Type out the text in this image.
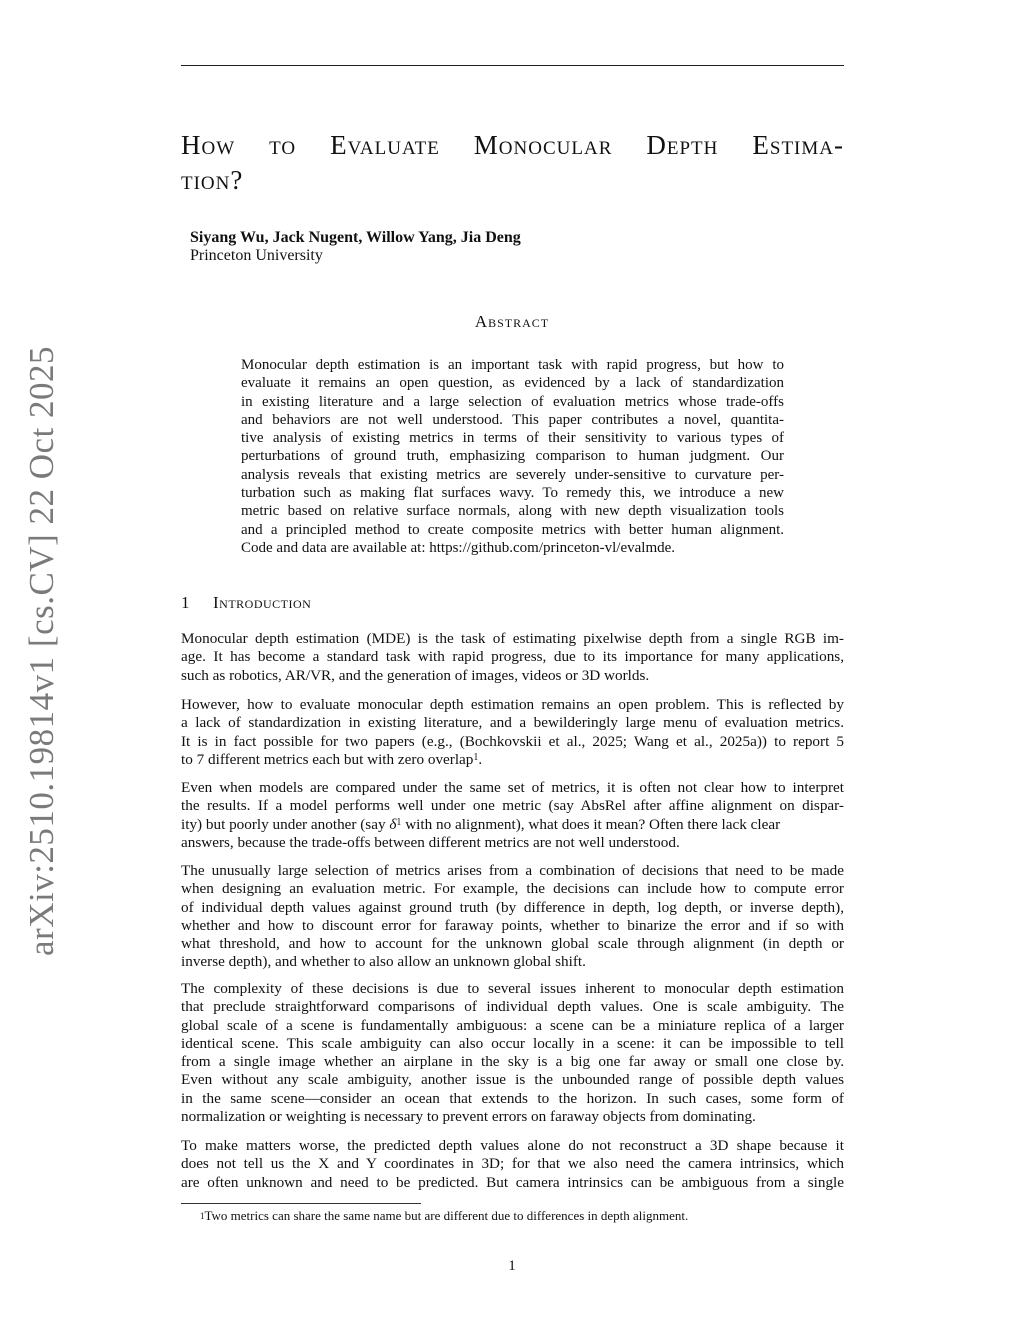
arXiv:2510.19814v1 [cs.CV] 22 Oct 2025
How to Evaluate Monocular Depth Estima-
tion?
Siyang Wu, Jack Nugent, Willow Yang, Jia Deng
Princeton University
Abstract
Monocular depth estimation is an important task with rapid progress, but how to
evaluate it remains an open question, as evidenced by a lack of standardization
in existing literature and a large selection of evaluation metrics whose trade-offs
and behaviors are not well understood. This paper contributes a novel, quantita-
tive analysis of existing metrics in terms of their sensitivity to various types of
perturbations of ground truth, emphasizing comparison to human judgment. Our
analysis reveals that existing metrics are severely under-sensitive to curvature per-
turbation such as making flat surfaces wavy. To remedy this, we introduce a new
metric based on relative surface normals, along with new depth visualization tools
and a principled method to create composite metrics with better human alignment.
Code and data are available at: https://github.com/princeton-vl/evalmde.
1 Introduction
Monocular depth estimation (MDE) is the task of estimating pixelwise depth from a single RGB im-
age. It has become a standard task with rapid progress, due to its importance for many applications,
such as robotics, AR/VR, and the generation of images, videos or 3D worlds.
However, how to evaluate monocular depth estimation remains an open problem. This is reflected by
a lack of standardization in existing literature, and a bewilderingly large menu of evaluation metrics.
It is in fact possible for two papers (e.g., (Bochkovskii et al., 2025; Wang et al., 2025a)) to report 5
to 7 different metrics each but with zero overlap$^1$.
Even when models are compared under the same set of metrics, it is often not clear how to interpret
the results. If a model performs well under one metric (say AbsRel after affine alignment on dispar-
ity) but poorly under another (say $\delta^1$ with no alignment), what does it mean? Often there lack clear
answers, because the trade-offs between different metrics are not well understood.
The unusually large selection of metrics arises from a combination of decisions that need to be made
when designing an evaluation metric. For example, the decisions can include how to compute error
of individual depth values against ground truth (by difference in depth, log depth, or inverse depth),
whether and how to discount error for faraway points, whether to binarize the error and if so with
what threshold, and how to account for the unknown global scale through alignment (in depth or
inverse depth), and whether to also allow an unknown global shift.
The complexity of these decisions is due to several issues inherent to monocular depth estimation
that preclude straightforward comparisons of individual depth values. One is scale ambiguity. The
global scale of a scene is fundamentally ambiguous: a scene can be a miniature replica of a larger
identical scene. This scale ambiguity can also occur locally in a scene: it can be impossible to tell
from a single image whether an airplane in the sky is a big one far away or small one close by.
Even without any scale ambiguity, another issue is the unbounded range of possible depth values
in the same scene—consider an ocean that extends to the horizon. In such cases, some form of
normalization or weighting is necessary to prevent errors on faraway objects from dominating.
To make matters worse, the predicted depth values alone do not reconstruct a 3D shape because it
does not tell us the X and Y coordinates in 3D; for that we also need the camera intrinsics, which
are often unknown and need to be predicted. But camera intrinsics can be ambiguous from a single
$^1$Two metrics can share the same name but are different due to differences in depth alignment.
1
